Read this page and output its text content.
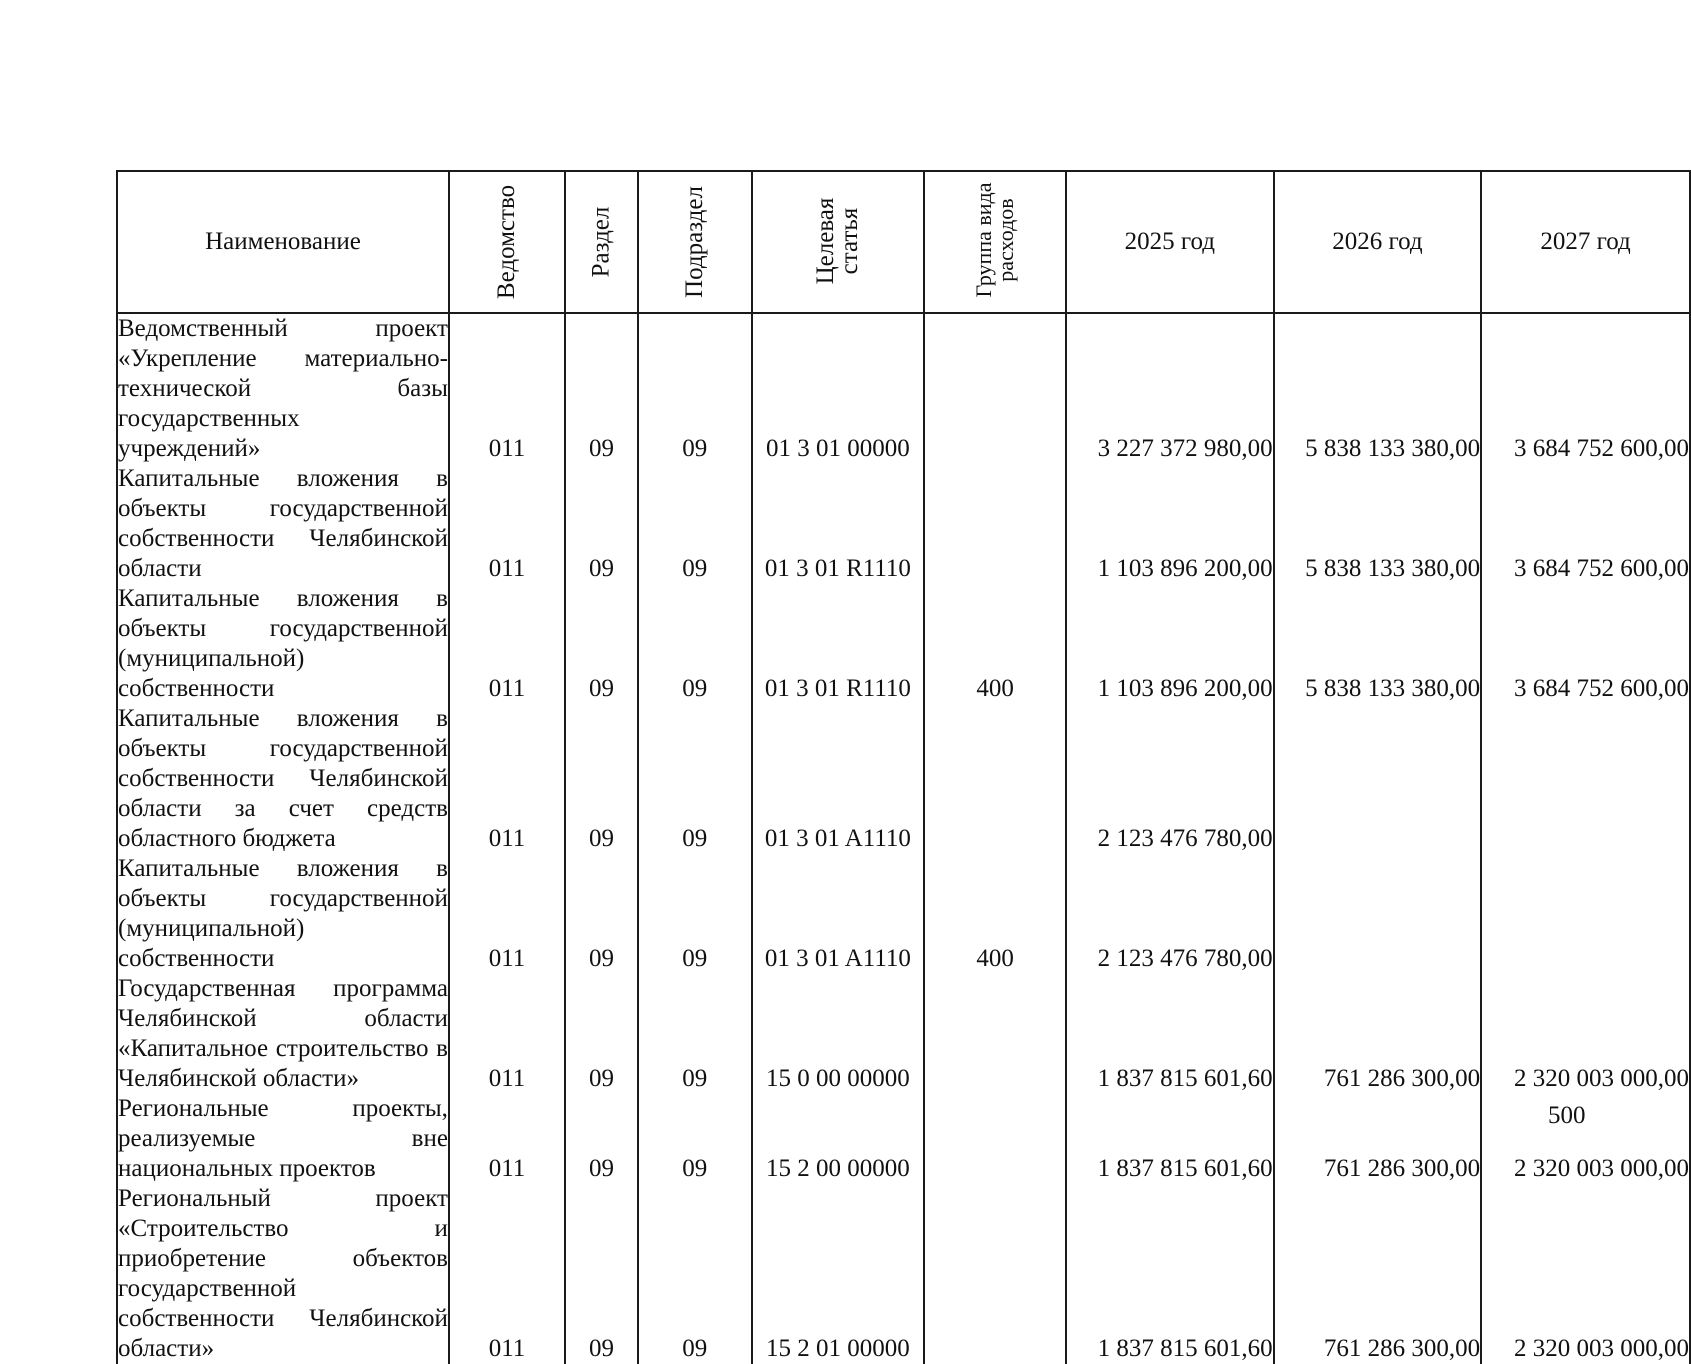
Наименование	Ведомство	Раздел	Подраздел	Целевая статья	Группа вида расходов	2025 год	2026 год	2027 год
Ведомственный проект «Укрепление материально-технической базы государственных учреждений»	011	09	09	01 3 01 00000		3 227 372 980,00	5 838 133 380,00	3 684 752 600,00
Капитальные вложения в объекты государственной собственности Челябинской области	011	09	09	01 3 01 R1110		1 103 896 200,00	5 838 133 380,00	3 684 752 600,00
Капитальные вложения в объекты государственной (муниципальной) собственности	011	09	09	01 3 01 R1110	400	1 103 896 200,00	5 838 133 380,00	3 684 752 600,00
Капитальные вложения в объекты государственной собственности Челябинской области за счет средств областного бюджета	011	09	09	01 3 01 A1110		2 123 476 780,00		
Капитальные вложения в объекты государственной (муниципальной) собственности	011	09	09	01 3 01 A1110	400	2 123 476 780,00		
Государственная программа Челябинской области «Капитальное строительство в Челябинской области»	011	09	09	15 0 00 00000		1 837 815 601,60	761 286 300,00	2 320 003 000,00
Региональные проекты, реализуемые вне национальных проектов	011	09	09	15 2 00 00000		1 837 815 601,60	761 286 300,00	2 320 003 000,00
Региональный проект «Строительство и приобретение объектов государственной собственности Челябинской области»	011	09	09	15 2 01 00000		1 837 815 601,60	761 286 300,00	2 320 003 000,00
500
